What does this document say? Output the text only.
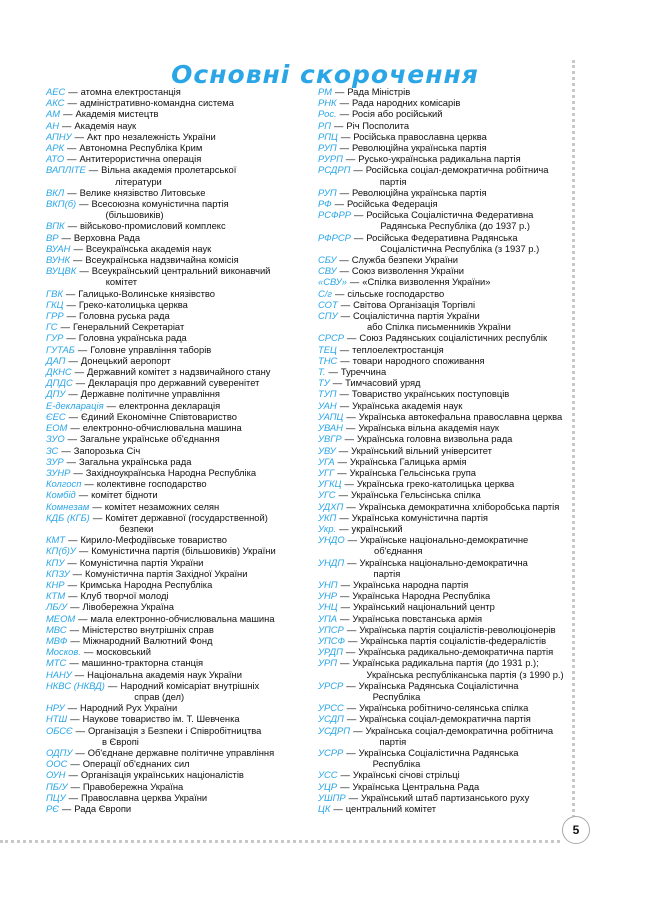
Основні скорочення
АЕС — атомна електростанція
АКС — адміністративно-командна система
АМ — Академія мистецтв
АН — Академія наук
АПНУ — Акт про незалежність України
АРК — Автономна Республіка Крим
АТО — Антитерористична операція
ВАПЛІТЕ — Вільна академія пролетарської
літератури
ВКЛ — Велике князівство Литовське
ВКП(б) — Всесоюзна комуністична партія
(більшовиків)
ВПК — військово-промисловий комплекс
ВР — Верховна Рада
ВУАН — Всеукраїнська академія наук
ВУНК — Всеукраїнська надзвичайна комісія
ВУЦВК — Всеукраїнський центральний виконавчий
комітет
ГВК — Галицько-Волинське князівство
ГКЦ — Греко-католицька церква
ГРР — Головна руська рада
ГС — Генеральний Секретаріат
ГУР — Головна українська рада
ГУТАБ — Головне управління таборів
ДАП — Донецький аеропорт
ДКНС — Державний комітет з надзвичайного стану
ДПДС — Декларація про державний суверенітет
ДПУ — Державне політичне управління
Е-декларація — електронна декларація
ЄЕС — Єдиний Економічне Співтовариство
ЕОМ — електронно-обчислювальна машина
ЗУО — Загальне українське об'єднання
ЗС — Запорозька Січ
ЗУР — Загальна українська рада
ЗУНР — Західноукраїнська Народна Республіка
Колгосп — колективне господарство
Комбід — комітет бідноти
Комнезам — комітет незаможних селян
КДБ (КГБ) — Комітет державної (государственной)
безпеки
КМТ — Кирило-Мефодіївське товариство
КП(б)У — Комуністична партія (більшовиків) України
КПУ — Комуністична партія України
КПЗУ — Комуністична партія Західної України
КНР — Кримська Народна Республіка
КТМ — Клуб творчої молоді
ЛБ/У — Лівобережна Україна
МЕОМ — мала електронно-обчислювальна машина
МВС — Міністерство внутрішніх справ
МВФ — Міжнародний Валютний Фонд
Москов. — московський
МТС — машинно-тракторна станція
НАНУ — Національна академія наук України
НКВС (НКВД) — Народний комісаріат внутрішніх
справ (дел)
НРУ — Народний Рух України
НТШ — Наукове товариство ім. Т. Шевченка
ОБСЄ — Організація з Безпеки і Співробітництва
в Європі
ОДПУ — Об'єднане державне політичне управління
ООС — Операції об'єднаних сил
ОУН — Організація українських націоналістів
ПБ/У — Правобережна Україна
ПЦУ — Православна церква України
РЄ — Рада Європи
РМ — Рада Міністрів
РНК — Рада народних комісарів
Рос. — Росія або російський
РП — Річ Посполита
РПЦ — Російська православна церква
РУП — Революційна українська партія
РУРП — Русько-українська радикальна партія
РСДРП — Російська соціал-демократична робітнича
партія
РУП — Революційна українська партія
РФ — Російська Федерація
РСФРР — Російська Соціалістична Федеративна
Радянська Республіка (до 1937 р.)
РФРСР — Російська Федеративна Радянська
Соціалістична Республіка (з 1937 р.)
СБУ — Служба безпеки України
СВУ — Союз визволення України
«СВУ» — «Спілка визволення України»
С/г — сільське господарство
СОТ — Світова Організація Торгівлі
СПУ — Соціалістична партія України
або Спілка письменників України
СРСР — Союз Радянських соціалістичних республік
ТЕЦ — теплоелектростанція
ТНС — товари народного споживання
Т. — Туреччина
ТУ — Тимчасовий уряд
ТУП — Товариство українських поступовців
УАН — Українська академія наук
УАПЦ — Українська автокефальна православна церква
УВАН — Українська вільна академія наук
УВГР — Українська головна визвольна рада
УВУ — Український вільний університет
УГА — Українська Галицька армія
УГГ — Українська Гельсінська група
УГКЦ — Українська греко-католицька церква
УГС — Українська Гельсінська спілка
УДХП — Українська демократична хліборобська партія
УКП — Українська комуністична партія
Укр. — український
УНДО — Українське національно-демократичне
об'єднання
УНДП — Українська національно-демократична
партія
УНП — Українська народна партія
УНР — Українська Народна Республіка
УНЦ — Український національний центр
УПА — Українська повстанська армія
УПСР — Українська партія соціалістів-революціонерів
УПСФ — Українська партія соціалістів-федералістів
УРДП — Українська радикально-демократична партія
УРП — Українська радикальна партія (до 1931 р.);
Українська республіканська партія (з 1990 р.)
УРСР — Українська Радянська Соціалістична
Республіка
УРСС — Українська робітничо-селянська спілка
УСДП — Українська соціал-демократична партія
УСДРП — Українська соціал-демократична робітнича
партія
УСРР — Українська Соціалістична Радянська
Республіка
УСС — Українські січові стрільці
УЦР — Українська Центральна Рада
УШПР — Український штаб партизанського руху
ЦК — центральний комітет
5
